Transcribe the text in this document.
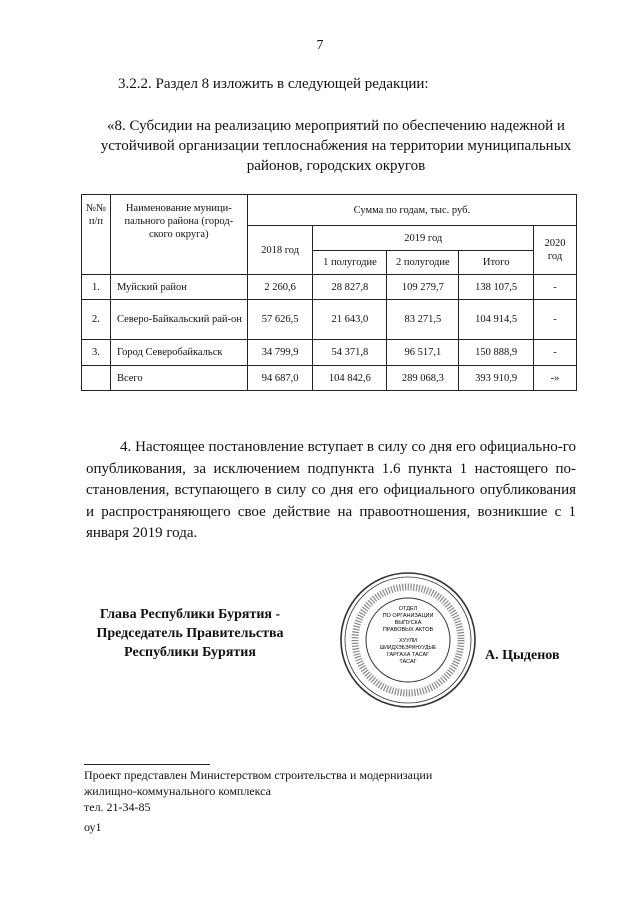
7
3.2.2. Раздел 8 изложить в следующей редакции:
«8. Субсидии на реализацию мероприятий по обеспечению надежной и
устойчивой организации теплоснабжения на территории муниципальных
районов, городских округов
№№ п/п	Наименование муници-пального района (город-ского округа)	Сумма по годам, тыс. руб.				
		2018 год	2019 год			2020 год
			1 полугодие	2 полугодие	Итого	
1.	Муйский район	2 260,6	28 827,8	109 279,7	138 107,5	-
2.	Северо-Байкальский рай-он	57 626,5	21 643,0	83 271,5	104 914,5	-
3.	Город Северобайкальск	34 799,9	54 371,8	96 517,1	150 888,9	-
	Всего	94 687,0	104 842,6	289 068,3	393 910,9	-»
4. Настоящее постановление вступает в силу со дня его официально-го опубликования, за исключением подпункта 1.6 пункта 1 настоящего по-становления, вступающего в силу со дня его официального опубликования и распространяющего свое действие на правоотношения, возникшие с 1 января 2019 года.
Глава Республики Бурятия -
Председатель Правительства
Республики Бурятия
ОТДЕЛ
ПО ОРГАНИЗАЦИИ
ВЫПУСКА
ПРАВОВЫХ АКТОВ
ХУУЛИ
ШИИДХЭБЭРИНУУДЫЕ
ГАРГАХА ТАСАГ
ТАСАГ	А. Цыденов
Проект представлен Министерством строительства и модернизации
жилищно-коммунального комплекса
тел. 21-34-85
оу1
